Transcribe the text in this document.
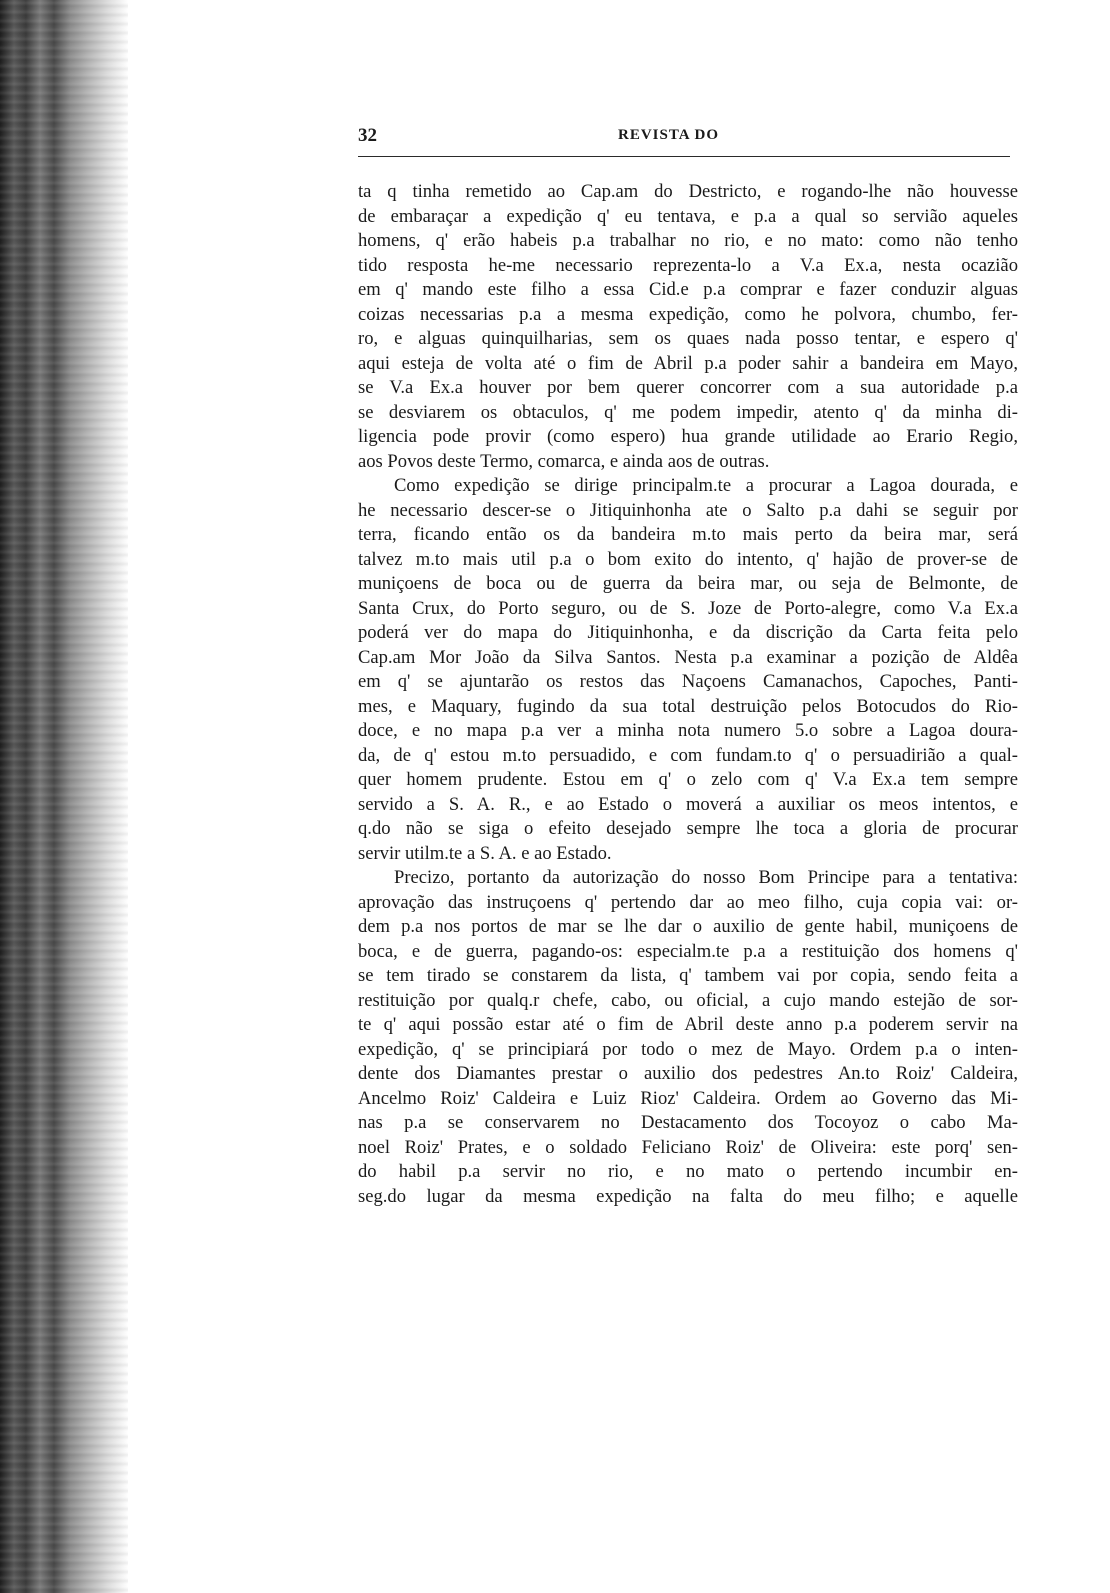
32	REVISTA DO
ta q tinha remetido ao Cap.am do Destricto, e rogando-lhe não houvesse
de embaraçar a expedição q' eu tentava, e p.a a qual so servião aqueles
homens, q' erão habeis p.a trabalhar no rio, e no mato: como não tenho
tido resposta he-me necessario reprezenta-lo a V.a Ex.a, nesta ocazião
em q' mando este filho a essa Cid.e p.a comprar e fazer conduzir alguas
coizas necessarias p.a a mesma expedição, como he polvora, chumbo, fer-
ro, e alguas quinquilharias, sem os quaes nada posso tentar, e espero q'
aqui esteja de volta até o fim de Abril p.a poder sahir a bandeira em Mayo,
se V.a Ex.a houver por bem querer concorrer com a sua autoridade p.a
se desviarem os obtaculos, q' me podem impedir, atento q' da minha di-
ligencia pode provir (como espero) hua grande utilidade ao Erario Regio,
aos Povos deste Termo, comarca, e ainda aos de outras.
Como expedição se dirige principalm.te a procurar a Lagoa dourada, e
he necessario descer-se o Jitiquinhonha ate o Salto p.a dahi se seguir por
terra, ficando então os da bandeira m.to mais perto da beira mar, será
talvez m.to mais util p.a o bom exito do intento, q' hajão de prover-se de
muniçoens de boca ou de guerra da beira mar, ou seja de Belmonte, de
Santa Crux, do Porto seguro, ou de S. Joze de Porto-alegre, como V.a Ex.a
poderá ver do mapa do Jitiquinhonha, e da discrição da Carta feita pelo
Cap.am Mor João da Silva Santos. Nesta p.a examinar a pozição de Aldêa
em q' se ajuntarão os restos das Naçoens Camanachos, Capoches, Panti-
mes, e Maquary, fugindo da sua total destruição pelos Botocudos do Rio-
doce, e no mapa p.a ver a minha nota numero 5.o sobre a Lagoa doura-
da, de q' estou m.to persuadido, e com fundam.to q' o persuadirião a qual-
quer homem prudente. Estou em q' o zelo com q' V.a Ex.a tem sempre
servido a S. A. R., e ao Estado o moverá a auxiliar os meos intentos, e
q.do não se siga o efeito desejado sempre lhe toca a gloria de procurar
servir utilm.te a S. A. e ao Estado.
Precizo, portanto da autorização do nosso Bom Principe para a tentativa:
aprovação das instruçoens q' pertendo dar ao meo filho, cuja copia vai: or-
dem p.a nos portos de mar se lhe dar o auxilio de gente habil, muniçoens de
boca, e de guerra, pagando-os: especialm.te p.a a restituição dos homens q'
se tem tirado se constarem da lista, q' tambem vai por copia, sendo feita a
restituição por qualq.r chefe, cabo, ou oficial, a cujo mando estejão de sor-
te q' aqui possão estar até o fim de Abril deste anno p.a poderem servir na
expedição, q' se principiará por todo o mez de Mayo. Ordem p.a o inten-
dente dos Diamantes prestar o auxilio dos pedestres An.to Roiz' Caldeira,
Ancelmo Roiz' Caldeira e Luiz Rioz' Caldeira. Ordem ao Governo das Mi-
nas p.a se conservarem no Destacamento dos Tocoyoz o cabo Ma-
noel Roiz' Prates, e o soldado Feliciano Roiz' de Oliveira: este porq' sen-
do habil p.a servir no rio, e no mato o pertendo incumbir en-
seg.do lugar da mesma expedição na falta do meu filho; e aquelle
